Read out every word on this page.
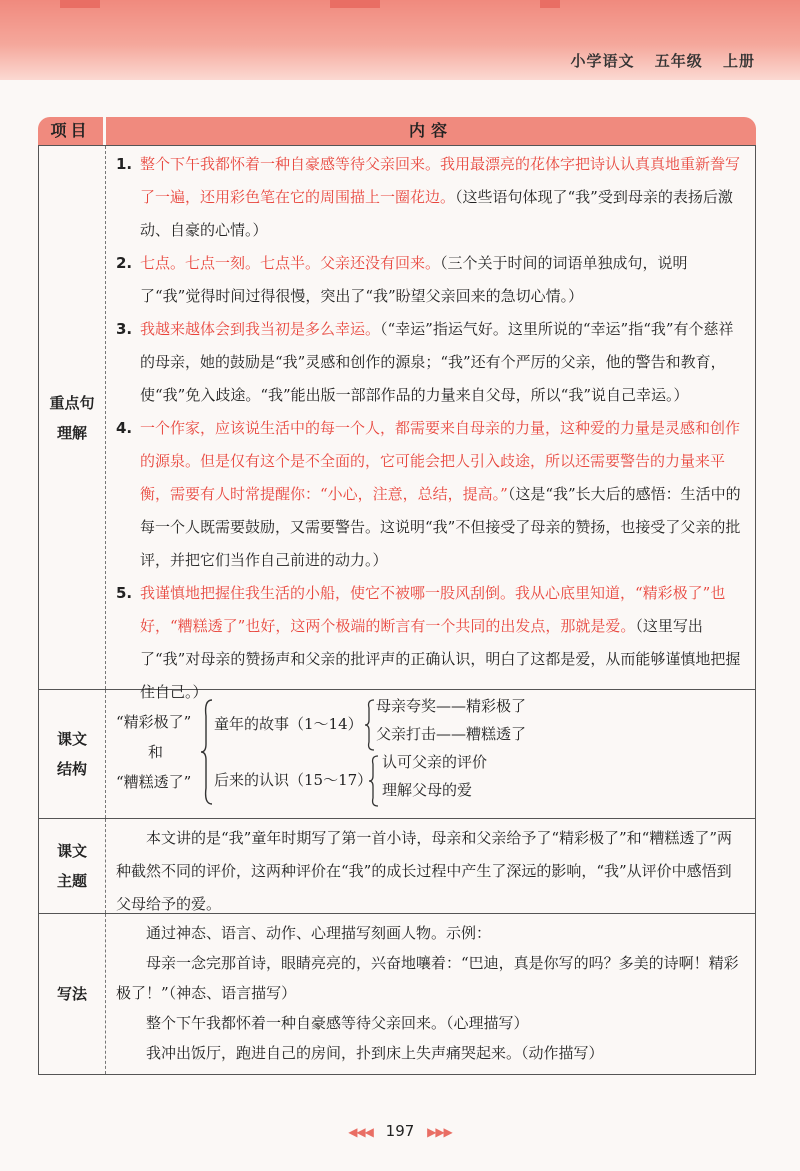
小学语文 五年级 上册
项目	内容
重点句
理解
1. 整个下午我都怀着一种自豪感等待父亲回来。我用最漂亮的花体字把诗认认真真地重新誊写了一遍，还用彩色笔在它的周围描上一圈花边。（这些语句体现了“我”受到母亲的表扬后激动、自豪的心情。）
2. 七点。七点一刻。七点半。父亲还没有回来。（三个关于时间的词语单独成句，说明了“我”觉得时间过得很慢，突出了“我”盼望父亲回来的急切心情。）
3. 我越来越体会到我当初是多么幸运。（“幸运”指运气好。这里所说的“幸运”指“我”有个慈祥的母亲，她的鼓励是“我”灵感和创作的源泉；“我”还有个严厉的父亲，他的警告和教育，使“我”免入歧途。“我”能出版一部部作品的力量来自父母，所以“我”说自己幸运。）
4. 一个作家，应该说生活中的每一个人，都需要来自母亲的力量，这种爱的力量是灵感和创作的源泉。但是仅有这个是不全面的，它可能会把人引入歧途，所以还需要警告的力量来平衡，需要有人时常提醒你：“小心，注意，总结，提高。”（这是“我”长大后的感悟：生活中的每一个人既需要鼓励，又需要警告。这说明“我”不但接受了母亲的赞扬，也接受了父亲的批评，并把它们当作自己前进的动力。）
5. 我谨慎地把握住我生活的小船，使它不被哪一股风刮倒。我从心底里知道，“精彩极了”也好，“糟糕透了”也好，这两个极端的断言有一个共同的出发点，那就是爱。（这里写出了“我”对母亲的赞扬声和父亲的批评声的正确认识，明白了这都是爱，从而能够谨慎地把握住自己。）
课文
结构
“精彩极了”
和
“糟糕透了”
童年的故事（1～14）
母亲夸奖——精彩极了
父亲打击——糟糕透了
后来的认识（15～17）
认可父亲的评价
理解父母的爱
课文
主题
本文讲的是“我”童年时期写了第一首小诗，母亲和父亲给予了“精彩极了”和“糟糕透了”两种截然不同的评价，这两种评价在“我”的成长过程中产生了深远的影响，“我”从评价中感悟到父母给予的爱。
写法
通过神态、语言、动作、心理描写刻画人物。示例：
母亲一念完那首诗，眼睛亮亮的，兴奋地嚷着：“巴迪，真是你写的吗？多美的诗啊！精彩极了！”（神态、语言描写）
整个下午我都怀着一种自豪感等待父亲回来。（心理描写）
我冲出饭厅，跑进自己的房间，扑到床上失声痛哭起来。（动作描写）
◀◀◀ 197 ▶▶▶
